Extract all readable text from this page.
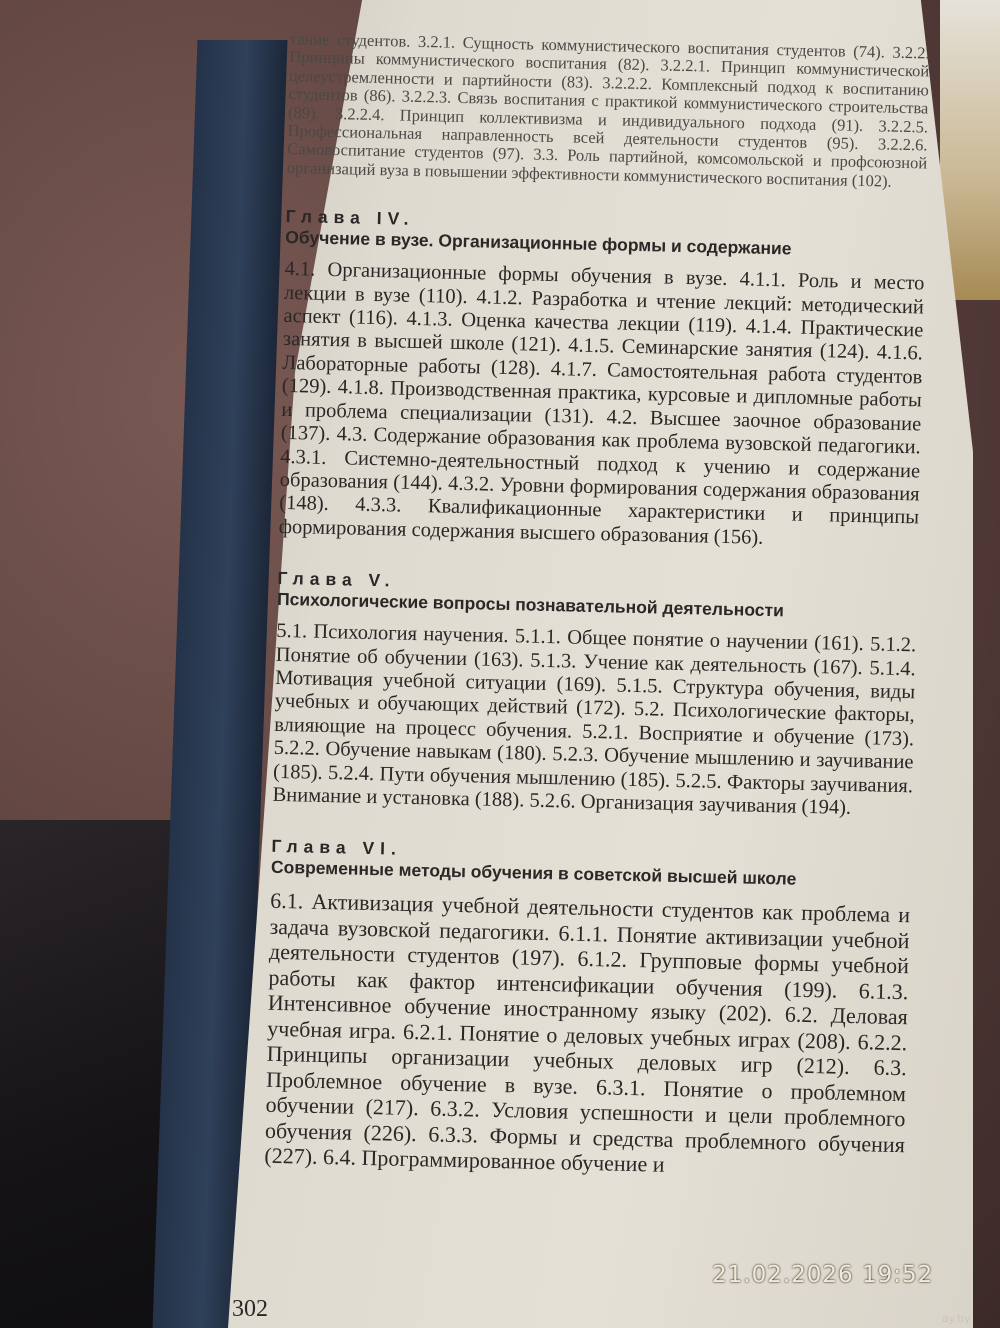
тание студентов. 3.2.1. Сущность коммунистического воспитания студентов (74). 3.2.2. Принципы коммунистического воспитания (82). 3.2.2.1. Принцип коммунистической целеустремленности и партийности (83). 3.2.2.2. Комплексный подход к воспитанию студентов (86). 3.2.2.3. Связь воспитания с практикой коммунистического строительства (89). 3.2.2.4. Принцип коллективизма и индивидуального подхода (91). 3.2.2.5. Профессиональная направленность всей деятельности студентов (95). 3.2.2.6. Самовоспитание студентов (97). 3.3. Роль партийной, комсомольской и профсоюзной организаций вуза в повышении эффективности коммунистического воспитания (102).

Глава IV.
Обучение в вузе. Организационные формы и содержание

4.1. Организационные формы обучения в вузе. 4.1.1. Роль и место лекции в вузе (110). 4.1.2. Разработка и чтение лекций: методический аспект (116). 4.1.3. Оценка качества лекции (119). 4.1.4. Практические занятия в высшей школе (121). 4.1.5. Семинарские занятия (124). 4.1.6. Лабораторные работы (128). 4.1.7. Самостоятельная работа студентов (129). 4.1.8. Производственная практика, курсовые и дипломные работы и проблема специализации (131). 4.2. Высшее заочное образование (137). 4.3. Содержание образования как проблема вузовской педагогики. 4.3.1. Системно-деятельностный подход к учению и содержание образования (144). 4.3.2. Уровни формирования содержания образования (148). 4.3.3. Квалификационные характеристики и принципы формирования содержания высшего образования (156).

Глава V.
Психологические вопросы познавательной деятельности

5.1. Психология научения. 5.1.1. Общее понятие о научении (161). 5.1.2. Понятие об обучении (163). 5.1.3. Учение как деятельность (167). 5.1.4. Мотивация учебной ситуации (169). 5.1.5. Структура обучения, виды учебных и обучающих действий (172). 5.2. Психологические факторы, влияющие на процесс обучения. 5.2.1. Восприятие и обучение (173). 5.2.2. Обучение навыкам (180). 5.2.3. Обучение мышлению и заучивание (185). 5.2.4. Пути обучения мышлению (185). 5.2.5. Факторы заучивания. Внимание и установка (188). 5.2.6. Организация заучивания (194).

Глава VI.
Современные методы обучения в советской высшей школе

6.1. Активизация учебной деятельности студентов как проблема и задача вузовской педагогики. 6.1.1. Понятие активизации учебной деятельности студентов (197). 6.1.2. Групповые формы учебной работы как фактор интенсификации обучения (199). 6.1.3. Интенсивное обучение иностранному языку (202). 6.2. Деловая учебная игра. 6.2.1. Понятие о деловых учебных играх (208). 6.2.2. Принципы организации учебных деловых игр (212). 6.3. Проблемное обучение в вузе. 6.3.1. Понятие о проблемном обучении (217). 6.3.2. Условия успешности и цели проблемного обучения (226). 6.3.3. Формы и средства проблемного обучения (227). 6.4. Программированное обучение и

302
21.02.2026 19:52
ay.by
